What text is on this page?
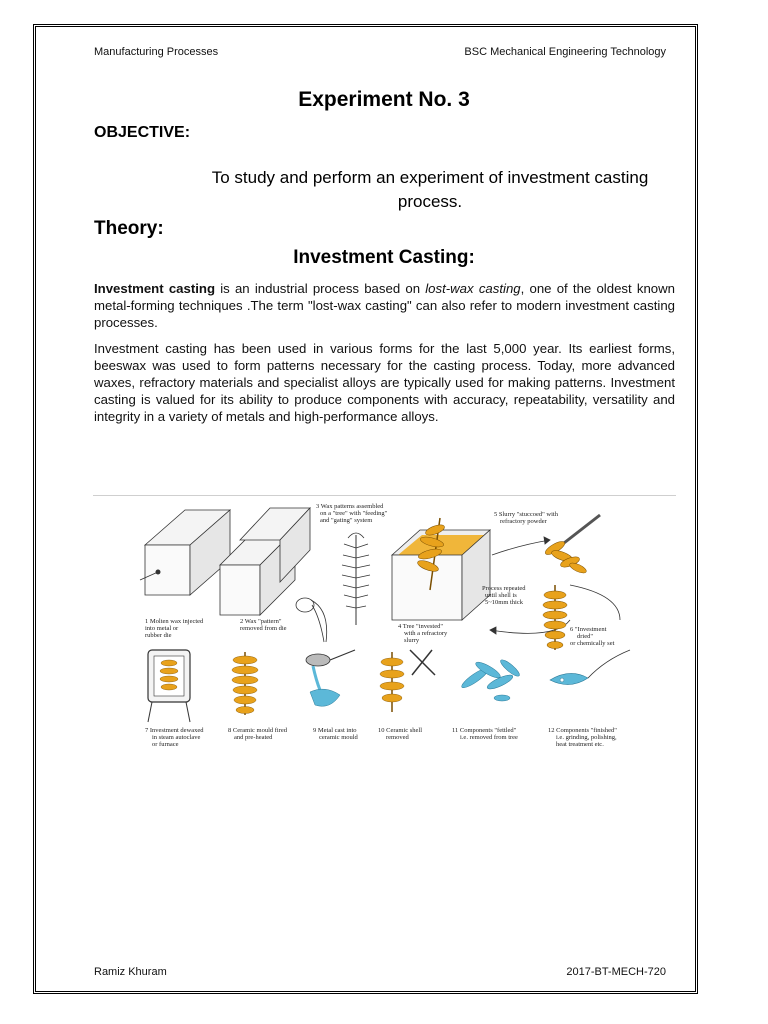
Manufacturing Processes	BSC Mechanical Engineering Technology
Experiment No. 3
OBJECTIVE:
To study and perform an experiment of investment casting process.
Theory:
Investment Casting:
Investment casting is an industrial process based on lost-wax casting, one of the oldest known metal-forming techniques .The term "lost-wax casting" can also refer to modern investment casting processes.
Investment casting has been used in various forms for the last 5,000 year. Its earliest forms, beeswax was used to form patterns necessary for the casting process. Today, more advanced waxes, refractory materials and specialist alloys are typically used for making patterns. Investment casting is valued for its ability to produce components with accuracy, repeatability, versatility and integrity in a variety of metals and high-performance alloys.
1 Molten wax injected into metal or rubber die
2 Wax "pattern" removed from die
3 Wax patterns assembled on a "tree" with "feeding" and "gating" system
4 Tree "invested" with a refractory slurry
5 Slurry "stuccoed" with refractory powder
6 "Investment dried" or chemically set
Process repeated until shell is 5~10mm thick
7 Investment dewaxed in steam autoclave or furnace
8 Ceramic mould fired and pre-heated
9 Metal cast into ceramic mould
10 Ceramic shell removed
11 Components "fettled" i.e. removed from tree
12 Components "finished" i.e. grinding, polishing, heat treatment etc.
Ramiz Khuram	2017-BT-MECH-720
